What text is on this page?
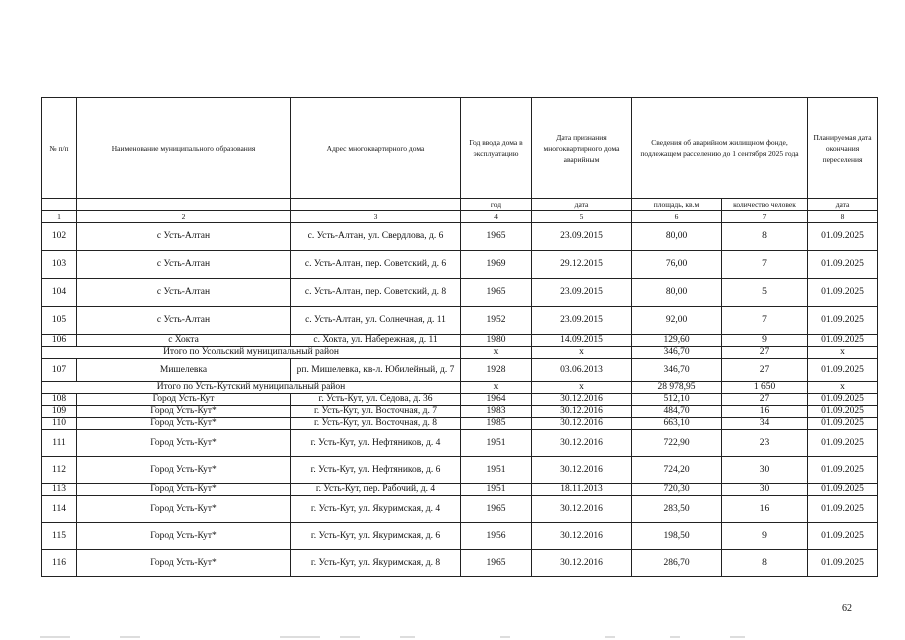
№ п/п	Наименование муниципального образования	Адрес многоквартирного дома	Год ввода дома в эксплуатацию	Дата признания многоквартирного дома аварийным	Сведения об аварийном жилищном фонде, подлежащем расселению до 1 сентября 2025 года		Планируемая дата окончания переселения
			год	дата	площадь, кв.м	количество человек	дата
1	2	3	4	5	6	7	8
102	с Усть-Алтан	с. Усть-Алтан, ул. Свердлова, д. 6	1965	23.09.2015	80,00	8	01.09.2025
103	с Усть-Алтан	с. Усть-Алтан, пер. Советский, д. 6	1969	29.12.2015	76,00	7	01.09.2025
104	с Усть-Алтан	с. Усть-Алтан, пер. Советский, д. 8	1965	23.09.2015	80,00	5	01.09.2025
105	с Усть-Алтан	с. Усть-Алтан, ул. Солнечная, д. 11	1952	23.09.2015	92,00	7	01.09.2025
106	с Хокта	с. Хокта, ул. Набережная, д. 11	1980	14.09.2015	129,60	9	01.09.2025
Итого по Усольский муниципальный район			x	x	346,70	27	x
107	Мишелевка	рп. Мишелевка, кв-л. Юбилейный, д. 7	1928	03.06.2013	346,70	27	01.09.2025
Итого по Усть-Кутский муниципальный район			x	x	28 978,95	1 650	x
108	Город Усть-Кут	г. Усть-Кут, ул. Седова, д. 36	1964	30.12.2016	512,10	27	01.09.2025
109	Город Усть-Кут*	г. Усть-Кут, ул. Восточная, д. 7	1983	30.12.2016	484,70	16	01.09.2025
110	Город Усть-Кут*	г. Усть-Кут, ул. Восточная, д. 8	1985	30.12.2016	663,10	34	01.09.2025
111	Город Усть-Кут*	г. Усть-Кут, ул. Нефтяников, д. 4	1951	30.12.2016	722,90	23	01.09.2025
112	Город Усть-Кут*	г. Усть-Кут, ул. Нефтяников, д. 6	1951	30.12.2016	724,20	30	01.09.2025
113	Город Усть-Кут*	г. Усть-Кут, пер. Рабочий, д. 4	1951	18.11.2013	720,30	30	01.09.2025
114	Город Усть-Кут*	г. Усть-Кут, ул. Якуримская, д. 4	1965	30.12.2016	283,50	16	01.09.2025
115	Город Усть-Кут*	г. Усть-Кут, ул. Якуримская, д. 6	1956	30.12.2016	198,50	9	01.09.2025
116	Город Усть-Кут*	г. Усть-Кут, ул. Якуримская, д. 8	1965	30.12.2016	286,70	8	01.09.2025
62
